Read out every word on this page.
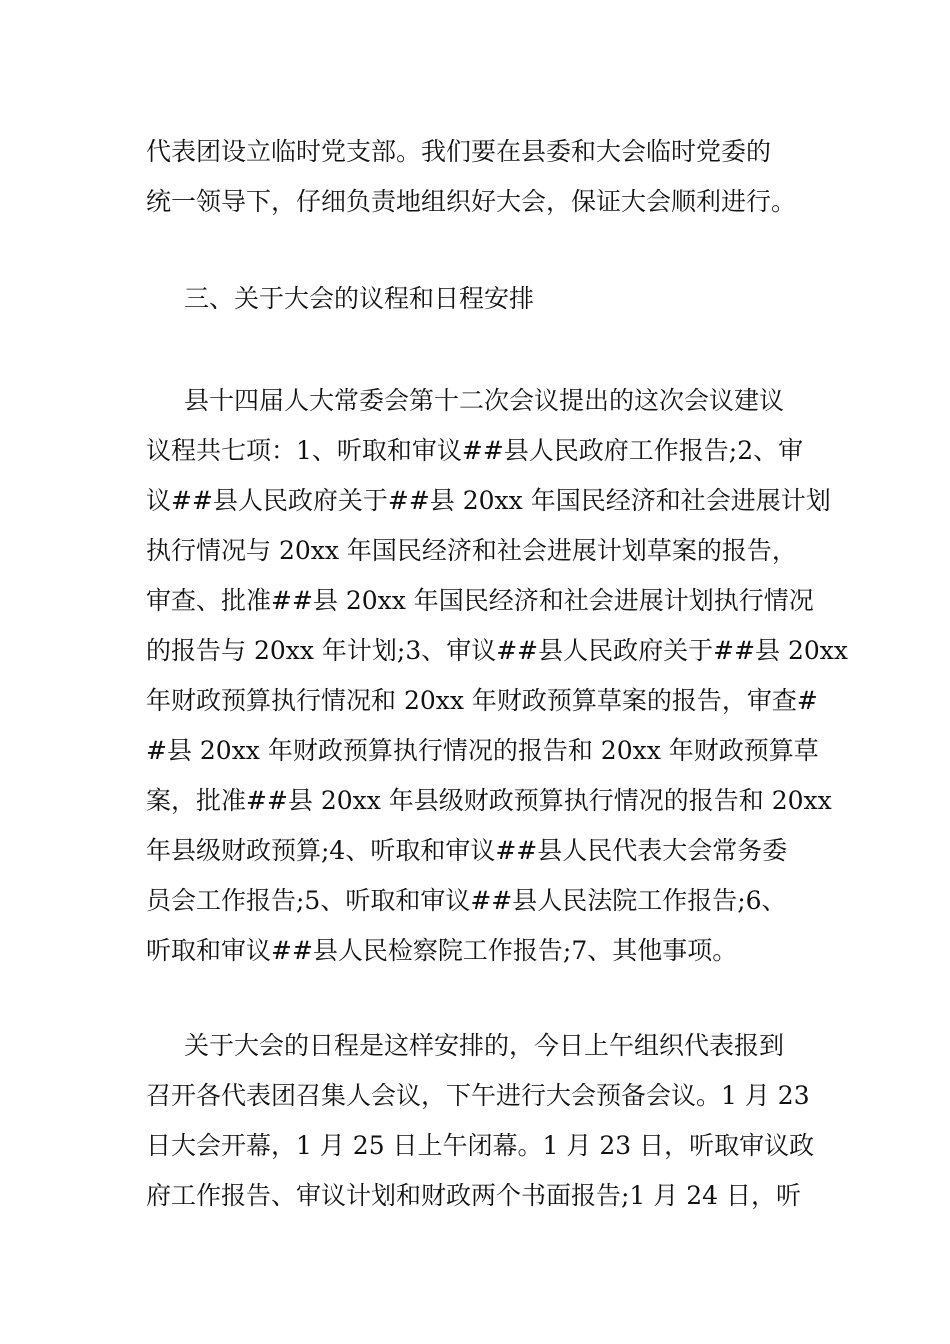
代表团设立临时党支部。我们要在县委和大会临时党委的
统一领导下，仔细负责地组织好大会，保证大会顺利进行。

三、关于大会的议程和日程安排

县十四届人大常委会第十二次会议提出的这次会议建议
议程共七项：1、听取和审议##县人民政府工作报告;2、审
议##县人民政府关于##县 20xx 年国民经济和社会进展计划
执行情况与 20xx 年国民经济和社会进展计划草案的报告，
审查、批准##县 20xx 年国民经济和社会进展计划执行情况
的报告与 20xx 年计划;3、审议##县人民政府关于##县 20xx
年财政预算执行情况和 20xx 年财政预算草案的报告，审查#
#县 20xx 年财政预算执行情况的报告和 20xx 年财政预算草
案，批准##县 20xx 年县级财政预算执行情况的报告和 20xx
年县级财政预算;4、听取和审议##县人民代表大会常务委
员会工作报告;5、听取和审议##县人民法院工作报告;6、
听取和审议##县人民检察院工作报告;7、其他事项。

关于大会的日程是这样安排的，今日上午组织代表报到
召开各代表团召集人会议，下午进行大会预备会议。1 月 23
日大会开幕，1 月 25 日上午闭幕。1 月 23 日，听取审议政
府工作报告、审议计划和财政两个书面报告;1 月 24 日，听
